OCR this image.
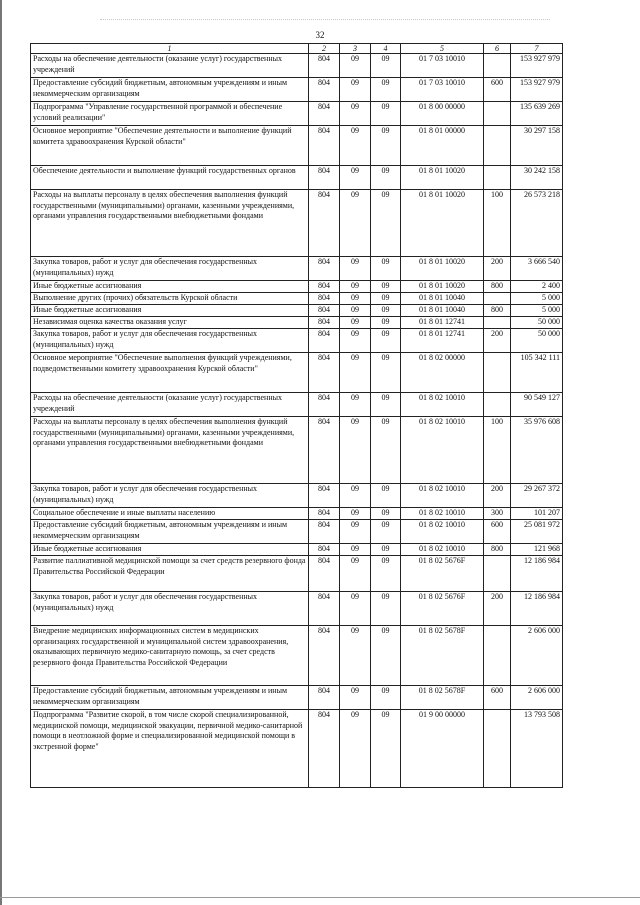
32
1	2	3	4	5	6	7
Расходы на обеспечение деятельности (оказание услуг) государственных учреждений	804	09	09	01 7 03 10010		153 927 979
Предоставление субсидий бюджетным, автономным учреждениям и иным некоммерческим организациям	804	09	09	01 7 03 10010	600	153 927 979
Подпрограмма "Управление государственной программой и обеспечение условий реализации"	804	09	09	01 8 00 00000		135 639 269
Основное мероприятие "Обеспечение деятельности и выполнение функций комитета здравоохранения Курской области"	804	09	09	01 8 01 00000		30 297 158
Обеспечение деятельности и выполнение функций государственных органов	804	09	09	01 8 01 10020		30 242 158
Расходы на выплаты персоналу в целях обеспечения выполнения функций государственными (муниципальными) органами, казенными учреждениями, органами управления государственными внебюджетными фондами	804	09	09	01 8 01 10020	100	26 573 218
Закупка товаров, работ и услуг для обеспечения государственных (муниципальных) нужд	804	09	09	01 8 01 10020	200	3 666 540
Иные бюджетные ассигнования	804	09	09	01 8 01 10020	800	2 400
Выполнение других (прочих) обязательств Курской области	804	09	09	01 8 01 10040		5 000
Иные бюджетные ассигнования	804	09	09	01 8 01 10040	800	5 000
Независимая оценка качества оказания услуг	804	09	09	01 8 01 12741		50 000
Закупка товаров, работ и услуг для обеспечения государственных (муниципальных) нужд	804	09	09	01 8 01 12741	200	50 000
Основное мероприятие "Обеспечение выполнения функций учреждениями, подведомственными комитету здравоохранения Курской области"	804	09	09	01 8 02 00000		105 342 111
Расходы на обеспечение деятельности (оказание услуг) государственных учреждений	804	09	09	01 8 02 10010		90 549 127
Расходы на выплаты персоналу в целях обеспечения выполнения функций государственными (муниципальными) органами, казенными учреждениями, органами управления государственными внебюджетными фондами	804	09	09	01 8 02 10010	100	35 976 608
Закупка товаров, работ и услуг для обеспечения государственных (муниципальных) нужд	804	09	09	01 8 02 10010	200	29 267 372
Социальное обеспечение и иные выплаты населению	804	09	09	01 8 02 10010	300	101 207
Предоставление субсидий бюджетным, автономным учреждениям и иным некоммерческим организациям	804	09	09	01 8 02 10010	600	25 081 972
Иные бюджетные ассигнования	804	09	09	01 8 02 10010	800	121 968
Развитие паллиативной медицинской помощи за счет средств резервного фонда Правительства Российской Федерации	804	09	09	01 8 02 5676F		12 186 984
Закупка товаров, работ и услуг для обеспечения государственных (муниципальных) нужд	804	09	09	01 8 02 5676F	200	12 186 984
Внедрение медицинских информационных систем в медицинских организациях государственной и муниципальной систем здравоохранения, оказывающих первичную медико-санитарную помощь, за счет средств резервного фонда Правительства Российской Федерации	804	09	09	01 8 02 5678F		2 606 000
Предоставление субсидий бюджетным, автономным учреждениям и иным некоммерческим организациям	804	09	09	01 8 02 5678F	600	2 606 000
Подпрограмма "Развитие скорой, в том числе скорой специализированной, медицинской помощи, медицинской эвакуации, первичной медико-санитарной помощи в неотложной форме и специализированной медицинской помощи в экстренной форме"	804	09	09	01 9 00 00000		13 793 508
